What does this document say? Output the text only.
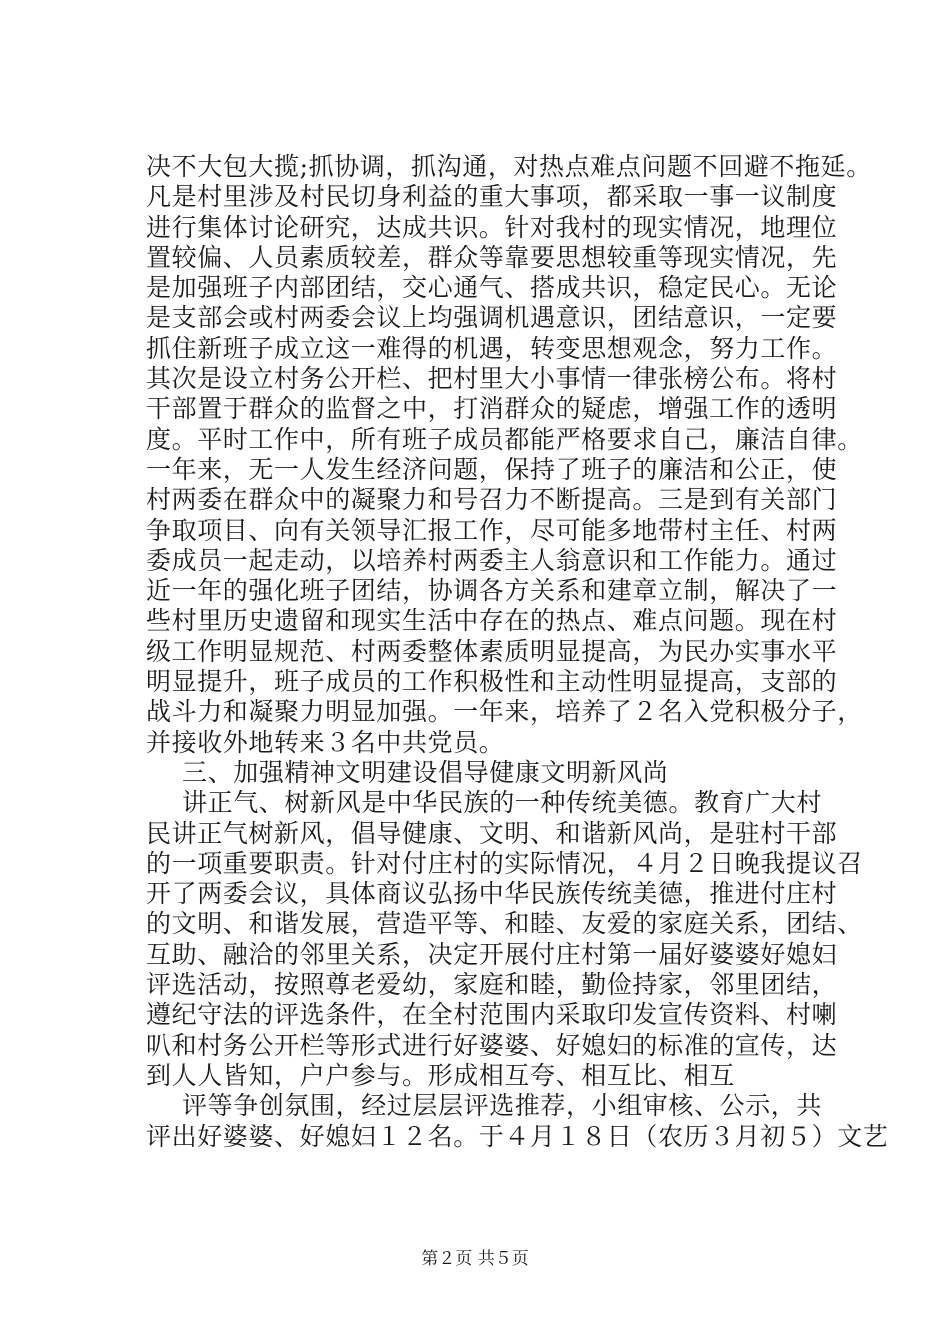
决不大包大揽;抓协调，抓沟通，对热点难点问题不回避不拖延。
凡是村里涉及村民切身利益的重大事项，都采取一事一议制度
进行集体讨论研究，达成共识。针对我村的现实情况，地理位
置较偏、人员素质较差，群众等靠要思想较重等现实情况，先
是加强班子内部团结，交心通气、搭成共识，稳定民心。无论
是支部会或村两委会议上均强调机遇意识，团结意识，一定要
抓住新班子成立这一难得的机遇，转变思想观念，努力工作。
其次是设立村务公开栏、把村里大小事情一律张榜公布。将村
干部置于群众的监督之中，打消群众的疑虑，增强工作的透明
度。平时工作中，所有班子成员都能严格要求自己，廉洁自律。
一年来，无一人发生经济问题，保持了班子的廉洁和公正，使
村两委在群众中的凝聚力和号召力不断提高。三是到有关部门
争取项目、向有关领导汇报工作，尽可能多地带村主任、村两
委成员一起走动，以培养村两委主人翁意识和工作能力。通过
近一年的强化班子团结，协调各方关系和建章立制，解决了一
些村里历史遗留和现实生活中存在的热点、难点问题。现在村
级工作明显规范、村两委整体素质明显提高，为民办实事水平
明显提升，班子成员的工作积极性和主动性明显提高，支部的
战斗力和凝聚力明显加强。一年来，培养了２名入党积极分子，
并接收外地转来３名中共党员。
三、加强精神文明建设倡导健康文明新风尚
讲正气、树新风是中华民族的一种传统美德。教育广大村
民讲正气树新风，倡导健康、文明、和谐新风尚，是驻村干部
的一项重要职责。针对付庄村的实际情况，４月２日晚我提议召
开了两委会议，具体商议弘扬中华民族传统美德，推进付庄村
的文明、和谐发展，营造平等、和睦、友爱的家庭关系，团结、
互助、融洽的邻里关系，决定开展付庄村第一届好婆婆好媳妇
评选活动，按照尊老爱幼，家庭和睦，勤俭持家，邻里团结，
遵纪守法的评选条件，在全村范围内采取印发宣传资料、村喇
叭和村务公开栏等形式进行好婆婆、好媳妇的标准的宣传，达
到人人皆知，户户参与。形成相互夸、相互比、相互
评等争创氛围，经过层层评选推荐，小组审核、公示，共
评出好婆婆、好媳妇１２名。于４月１８日（农历３月初５）文艺
第２页 共５页
